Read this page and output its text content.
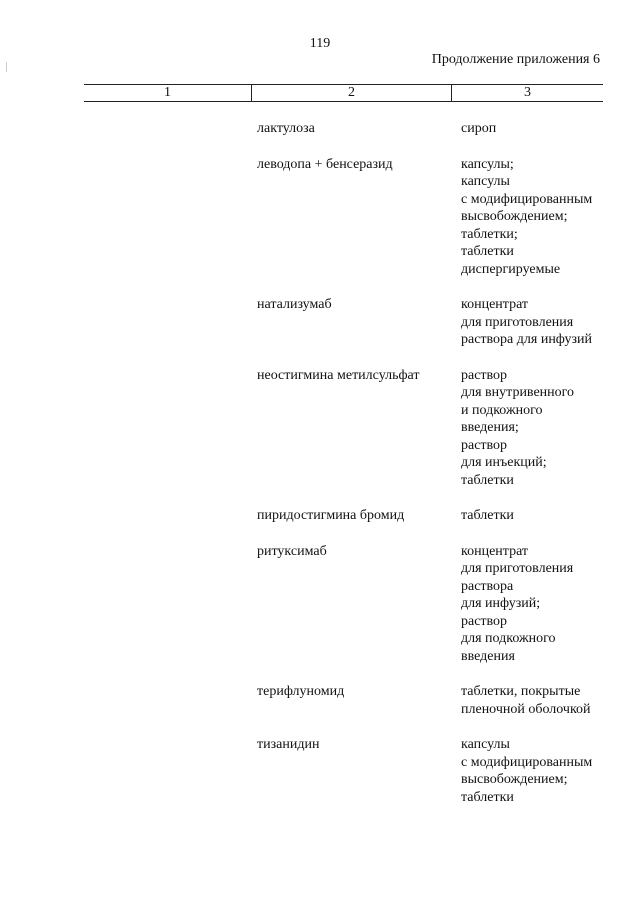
119
Продолжение приложения 6
1	2	3
лактулоза	сироп
леводопа + бенсеразид	капсулы;
капсулы
с модифицированным
высвобождением;
таблетки;
таблетки
диспергируемые
натализумаб	концентрат
для приготовления
раствора для инфузий
неостигмина метилсульфат	раствор
для внутривенного
и подкожного
введения;
раствор
для инъекций;
таблетки
пиридостигмина бромид	таблетки
ритуксимаб	концентрат
для приготовления
раствора
для инфузий;
раствор
для подкожного
введения
терифлуномид	таблетки, покрытые
пленочной оболочкой
тизанидин	капсулы
с модифицированным
высвобождением;
таблетки
